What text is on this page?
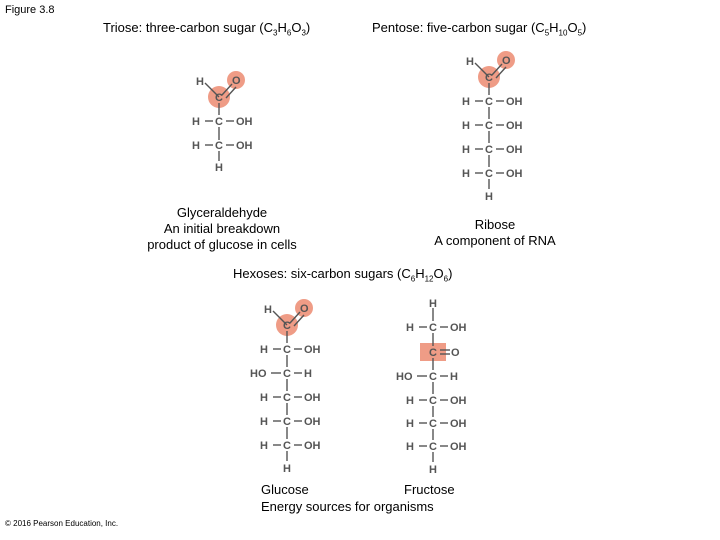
Figure 3.8
Triose: three-carbon sugar $(C_3H_6O_3)$
H	O
C
H C OH
H C OH
H
Glyceraldehyde
An initial breakdown
product of glucose in cells
Pentose: five-carbon sugar $(C_5H_{10}O_5)$
H	O
C
H C OH
H C OH
H C OH
H C OH
H
Ribose
A component of RNA
Hexoses: six-carbon sugars $(C_6H_{12}O_6)$
H	O
C
H C OH
HO C H
H C OH
H C OH
H C OH
H
H
H C OH
C O
HO C H
H C OH
H C OH
H C OH
H
Glucose	Fructose
Energy sources for organisms
© 2016 Pearson Education, Inc.
